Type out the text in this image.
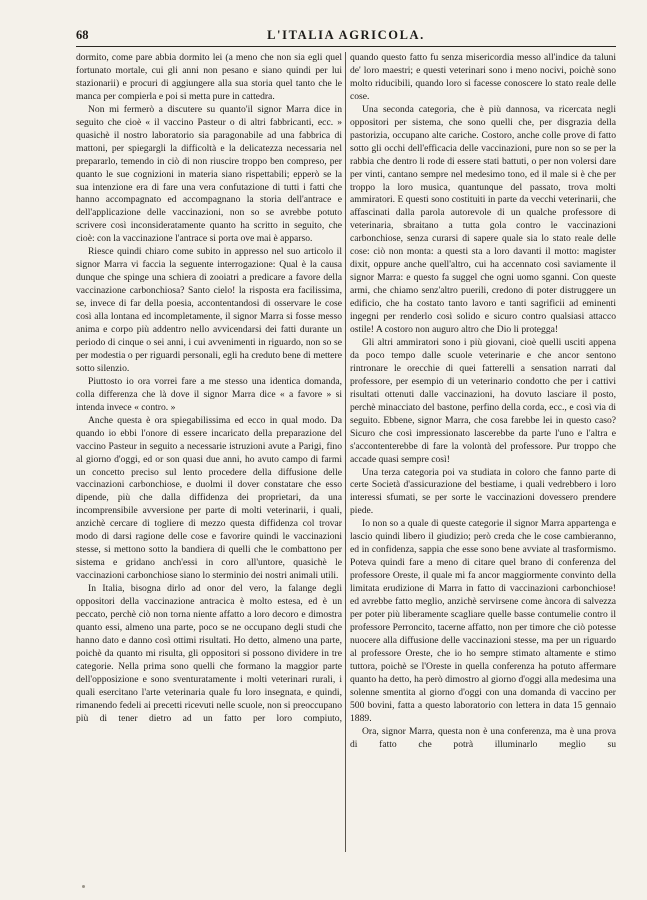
68	L'ITALIA AGRICOLA.

dormito, come pare abbia dormito lei (a meno che non sia egli quel fortunato mortale, cui gli anni non pesano e siano quindi per lui stazionarii) e procuri di aggiungere alla sua storia quel tanto che le manca per compierla e poi si metta pure in cattedra.

Non mi fermerò a discutere su quanto'il signor Marra dice in seguito che cioè « il vaccino Pasteur o di altri fabbricanti, ecc. » quasichè il nostro laboratorio sia paragonabile ad una fabbrica di mattoni, per spiegargli la difficoltà e la delicatezza necessaria nel prepararlo, temendo in ciò di non riuscire troppo ben compreso, per quanto le sue cognizioni in materia siano rispettabili; epperò se la sua intenzione era di fare una vera confutazione di tutti i fatti che hanno accompagnato ed accompagnano la storia dell'antrace e dell'applicazione delle vaccinazioni, non so se avrebbe potuto scrivere così inconsideratamente quanto ha scritto in seguito, che cioè: con la vaccinazione l'antrace si porta ove mai è apparso.

Riesce quindi chiaro come subito in appresso nel suo articolo il signor Marra vi faccia la seguente interrogazione: Qual è la causa dunque che spinge una schiera di zooiatri a predicare a favore della vaccinazione carbonchiosa? Santo cielo! la risposta era facilissima, se, invece di far della poesia, accontentandosi di osservare le cose così alla lontana ed incompletamente, il signor Marra si fosse messo anima e corpo più addentro nello avvicendarsi dei fatti durante un periodo di cinque o sei anni, i cui avvenimenti in riguardo, non so se per modestia o per riguardi personali, egli ha creduto bene di mettere sotto silenzio.

Piuttosto io ora vorrei fare a me stesso una identica domanda, colla differenza che là dove il signor Marra dice « a favore » si intenda invece « contro. »

Anche questa è ora spiegabilissima ed ecco in qual modo. Da quando io ebbi l'onore di essere incaricato della preparazione del vaccino Pasteur in seguito a necessarie istruzioni avute a Parigi, fino al giorno d'oggi, ed or son quasi due anni, ho avuto campo di farmi un concetto preciso sul lento procedere della diffusione delle vaccinazioni carbonchiose, e duolmi il dover constatare che esso dipende, più che dalla diffidenza dei proprietari, da una incomprensibile avversione per parte di molti veterinarii, i quali, anzichè cercare di togliere di mezzo questa diffidenza col trovar modo di darsi ragione delle cose e favorire quindi le vaccinazioni stesse, si mettono sotto la bandiera di quelli che le combattono per sistema e gridano anch'essi in coro all'untore, quasichè le vaccinazioni carbonchiose siano lo sterminio dei nostri animali utili.

In Italia, bisogna dirlo ad onor del vero, la falange degli oppositori della vaccinazione antracica è molto estesa, ed è un peccato, perchè ciò non torna niente affatto a loro decoro e dimostra quanto essi, almeno una parte, poco se ne occupano degli studi che hanno dato e danno così ottimi risultati. Ho detto, almeno una parte, poichè da quanto mi risulta, gli oppositori si possono dividere in tre categorie. Nella prima sono quelli che formano la maggior parte dell'opposizione e sono sventuratamente i molti veterinari rurali, i quali esercitano l'arte veterinaria quale fu loro insegnata, e quindi, rimanendo fedeli ai precetti ricevuti nelle scuole, non si preoccupano più di tener dietro ad un fatto per loro compiuto,

quando questo fatto fu senza misericordia messo all'indice da taluni de' loro maestri; e questi veterinari sono i meno nocivi, poichè sono molto riducibili, quando loro si facesse conoscere lo stato reale delle cose.

Una seconda categoria, che è più dannosa, va ricercata negli oppositori per sistema, che sono quelli che, per disgrazia della pastorizia, occupano alte cariche. Costoro, anche colle prove di fatto sotto gli occhi dell'efficacia delle vaccinazioni, pure non so se per la rabbia che dentro li rode di essere stati battuti, o per non volersi dare per vinti, cantano sempre nel medesimo tono, ed il male si è che per troppo la loro musica, quantunque del passato, trova molti ammiratori. E questi sono costituiti in parte da vecchi veterinarii, che affascinati dalla parola autorevole di un qualche professore di veterinaria, sbraitano a tutta gola contro le vaccinazioni carbonchiose, senza curarsi di sapere quale sia lo stato reale delle cose: ciò non monta: a questi sta a loro davanti il motto: magister dixit, oppure anche quell'altro, cui ha accennato così saviamente il signor Marra: e questo fa suggel che ogni uomo sganni. Con queste armi, che chiamo senz'altro puerili, credono di poter distruggere un edificio, che ha costato tanto lavoro e tanti sagrificii ad eminenti ingegni per renderlo così solido e sicuro contro qualsiasi attacco ostile! A costoro non auguro altro che Dio li protegga!

Gli altri ammiratori sono i più giovani, cioè quelli usciti appena da poco tempo dalle scuole veterinarie e che ancor sentono rintronare le orecchie di quei fatterelli a sensation narrati dal professore, per esempio di un veterinario condotto che per i cattivi risultati ottenuti dalle vaccinazioni, ha dovuto lasciare il posto, perchè minacciato del bastone, perfino della corda, ecc., e così via di seguito. Ebbene, signor Marra, che cosa farebbe lei in questo caso? Sicuro che così impressionato lascerebbe da parte l'uno e l'altra e s'accontenterebbe di fare la volontà del professore. Pur troppo che accade quasi sempre così!

Una terza categoria poi va studiata in coloro che fanno parte di certe Società d'assicurazione del bestiame, i quali vedrebbero i loro interessi sfumati, se per sorte le vaccinazioni dovessero prendere piede.

Io non so a quale di queste categorie il signor Marra appartenga e lascio quindi libero il giudizio; però creda che le cose cambieranno, ed in confidenza, sappia che esse sono bene avviate al trasformismo. Poteva quindi fare a meno di citare quel brano di conferenza del professore Oreste, il quale mi fa ancor maggiormente convinto della limitata erudizione di Marra in fatto di vaccinazioni carbonchiose! ed avrebbe fatto meglio, anzichè servirsene come àncora di salvezza per poter più liberamente scagliare quelle basse contumelie contro il professore Perroncito, tacerne affatto, non per timore che ciò potesse nuocere alla diffusione delle vaccinazioni stesse, ma per un riguardo al professore Oreste, che io ho sempre stimato altamente e stimo tuttora, poichè se l'Oreste in quella conferenza ha potuto affermare quanto ha detto, ha però dimostro al giorno d'oggi alla medesima una solenne smentita al giorno d'oggi con una domanda di vaccino per 500 bovini, fatta a questo laboratorio con lettera in data 15 gennaio 1889.

Ora, signor Marra, questa non è una conferenza, ma è una prova di fatto che potrà illuminarlo meglio su
